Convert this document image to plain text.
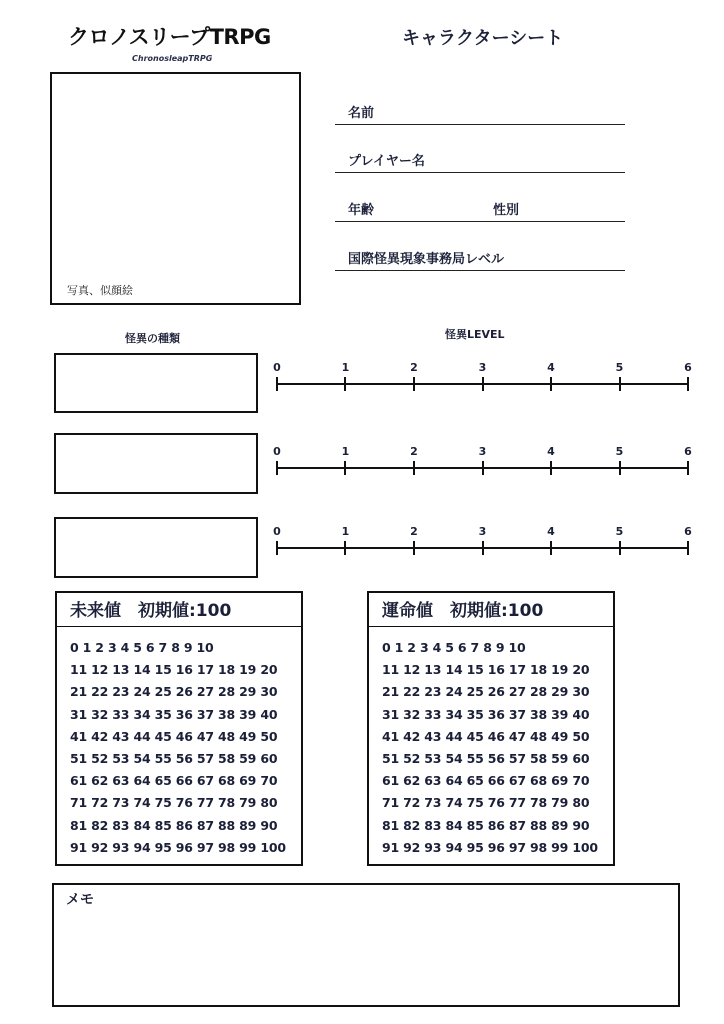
クロノスリープTRPG
ChronosleapTRPG
キャラクターシート
写真、似顔絵
名前
プレイヤー名
年齢	性別
国際怪異現象事務局レベル
怪異の種類	怪異LEVEL
0	1	2	3	4	5	6
0	1	2	3	4	5	6
0	1	2	3	4	5	6
未来値　初期値:100
0 1 2 3 4 5 6 7 8 9 10
11 12 13 14 15 16 17 18 19 20
21 22 23 24 25 26 27 28 29 30
31 32 33 34 35 36 37 38 39 40
41 42 43 44 45 46 47 48 49 50
51 52 53 54 55 56 57 58 59 60
61 62 63 64 65 66 67 68 69 70
71 72 73 74 75 76 77 78 79 80
81 82 83 84 85 86 87 88 89 90
91 92 93 94 95 96 97 98 99 100
運命値　初期値:100
0 1 2 3 4 5 6 7 8 9 10
11 12 13 14 15 16 17 18 19 20
21 22 23 24 25 26 27 28 29 30
31 32 33 34 35 36 37 38 39 40
41 42 43 44 45 46 47 48 49 50
51 52 53 54 55 56 57 58 59 60
61 62 63 64 65 66 67 68 69 70
71 72 73 74 75 76 77 78 79 80
81 82 83 84 85 86 87 88 89 90
91 92 93 94 95 96 97 98 99 100
メモ
